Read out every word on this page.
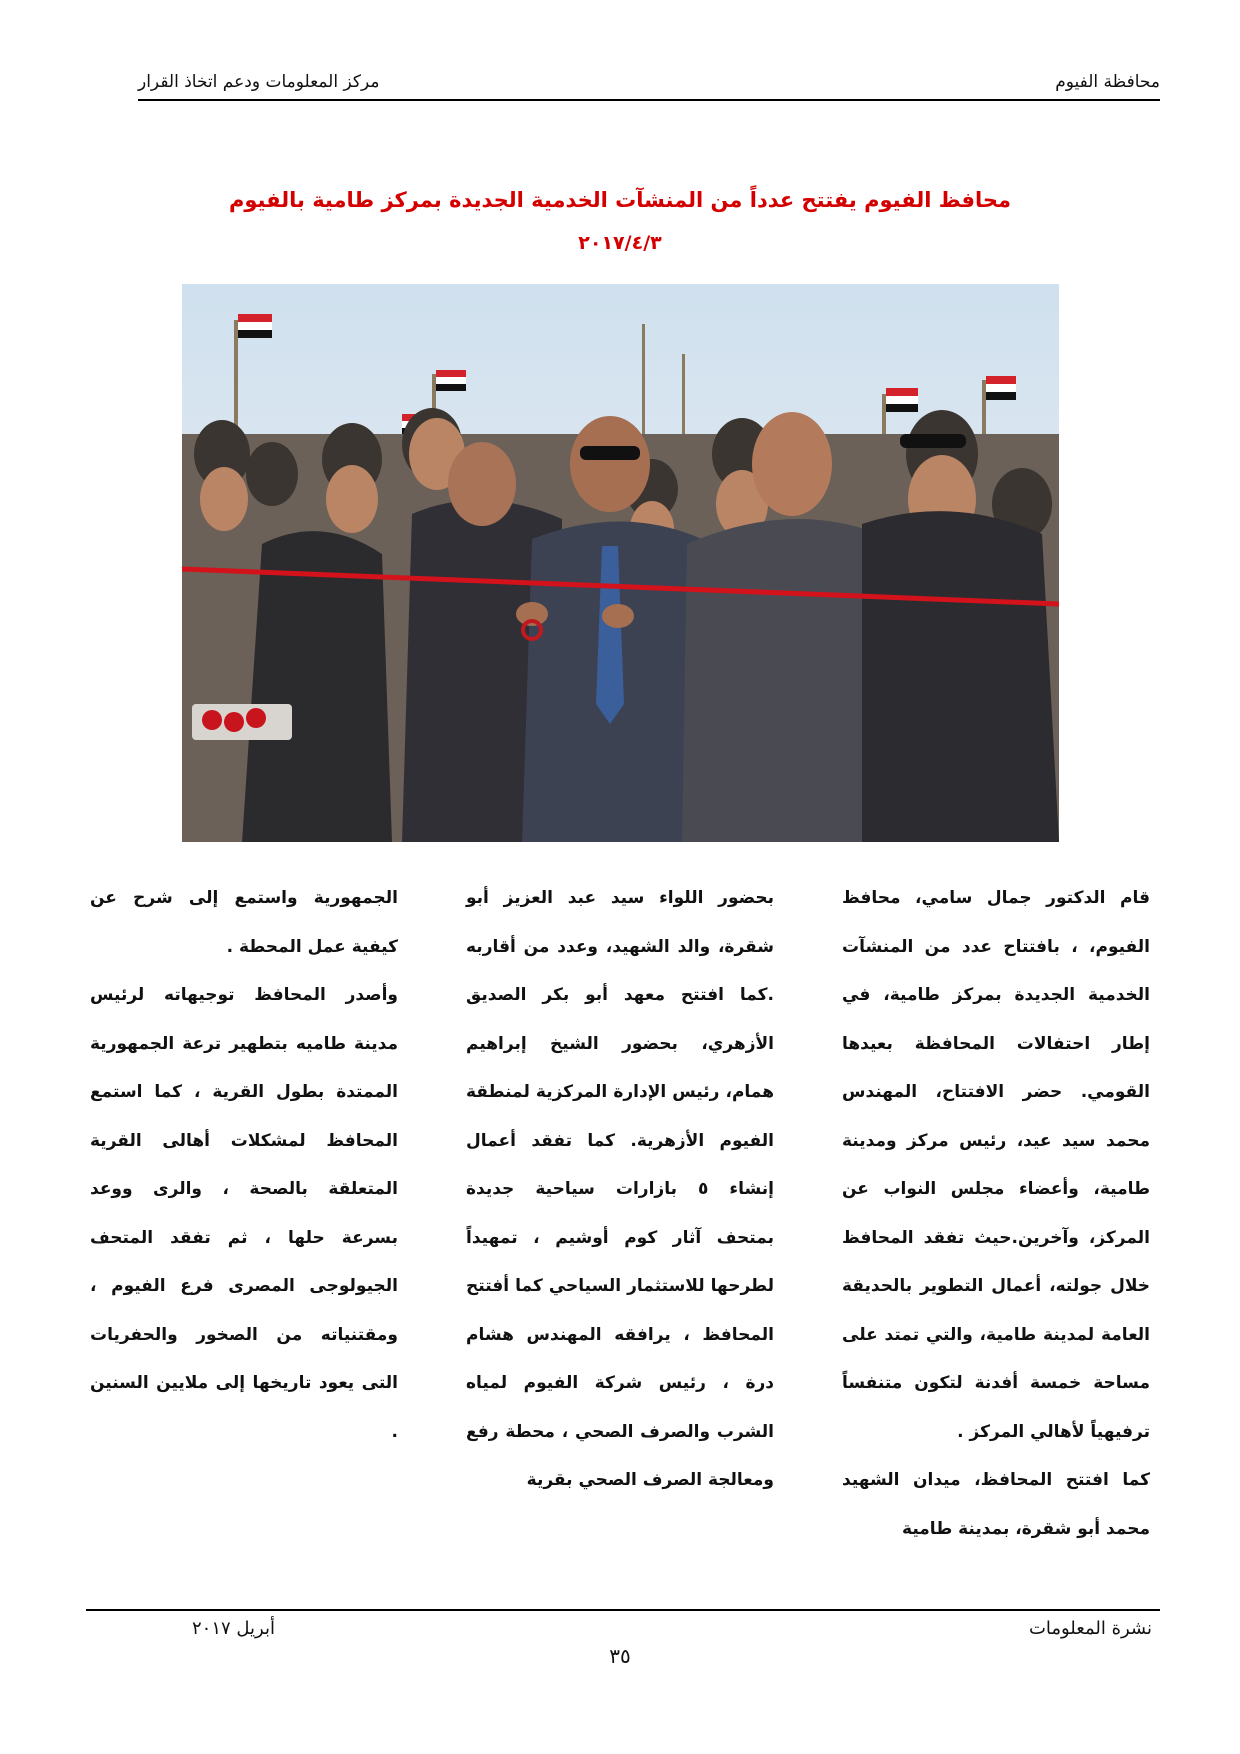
محافظة الفيوم
مركز المعلومات ودعم اتخاذ القرار
محافظ الفيوم يفتتح عدداً من المنشآت الخدمية الجديدة بمركز طامية بالفيوم
٢٠١٧/٤/٣

قام الدكتور جمال سامي، محافظ الفيوم، ، بافتتاح عدد من المنشآت الخدمية الجديدة بمركز طامية، في إطار احتفالات المحافظة بعيدها القومي. حضر الافتتاح، المهندس محمد سيد عيد، رئيس مركز ومدينة طامية، وأعضاء مجلس النواب عن المركز، وآخرين.حيث تفقد المحافظ خلال جولته، أعمال التطوير بالحديقة العامة لمدينة طامية، والتي تمتد على مساحة خمسة أفدنة لتكون متنفساً ترفيهياً لأهالي المركز .

كما افتتح المحافظ، ميدان الشهيد محمد أبو شقرة، بمدينة طامية

بحضور اللواء سيد عبد العزيز أبو شقرة، والد الشهيد، وعدد من أقاربه .كما افتتح معهد أبو بكر الصديق الأزهري، بحضور الشيخ إبراهيم همام، رئيس الإدارة المركزية لمنطقة الفيوم الأزهرية. كما تفقد أعمال إنشاء ٥ بازارات سياحية جديدة بمتحف آثار كوم أوشيم ، تمهيداً لطرحها للاستثمار السياحي كما أفتتح المحافظ ، يرافقه المهندس هشام درة ، رئيس شركة الفيوم لمياه الشرب والصرف الصحي ، محطة رفع ومعالجة الصرف الصحي بقرية

الجمهورية واستمع إلى شرح عن كيفية عمل المحطة .

وأصدر المحافظ توجيهاته لرئيس مدينة طاميه بتطهير ترعة الجمهورية الممتدة بطول القرية ، كما استمع المحافظ لمشكلات أهالى القرية المتعلقة بالصحة ، والرى ووعد بسرعة حلها ، ثم تفقد المتحف الجيولوجى المصرى فرع الفيوم ، ومقتنياته من الصخور والحفريات التى يعود تاريخها إلى ملايين السنين .

نشرة المعلومات
أبريل ٢٠١٧
٣٥
